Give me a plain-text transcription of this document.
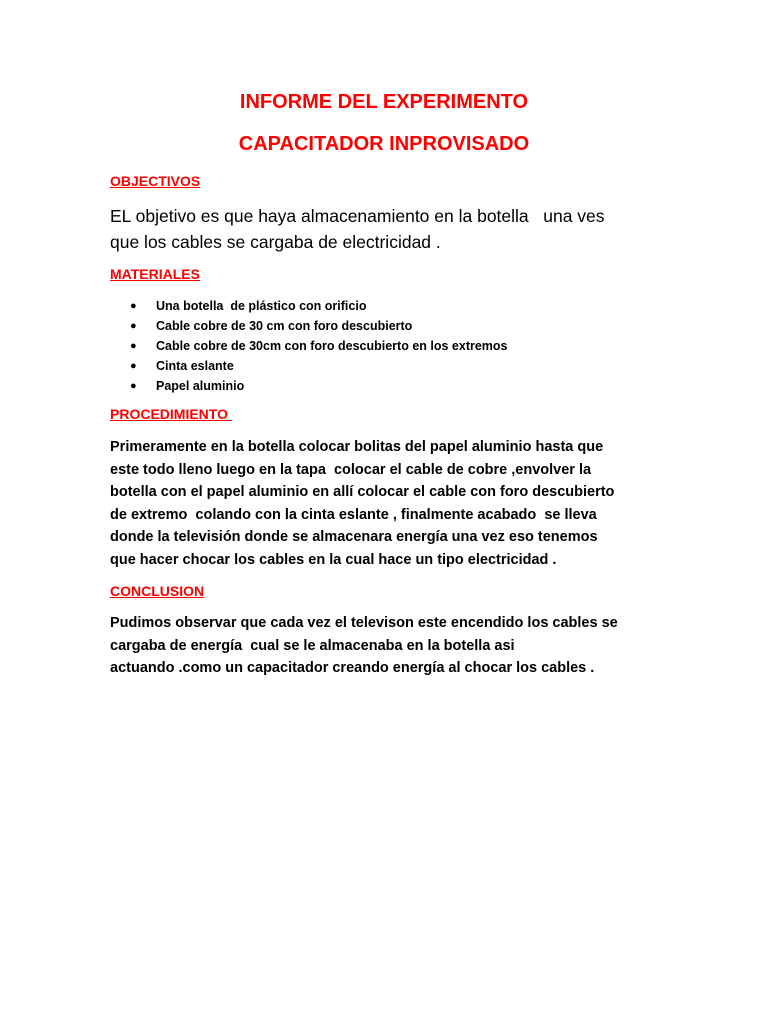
INFORME DEL EXPERIMENTO
CAPACITADOR INPROVISADO
OBJECTIVOS
EL objetivo es que haya almacenamiento en la botella   una ves
que los cables se cargaba de electricidad .
MATERIALES
● Una botella  de plástico con orificio
● Cable cobre de 30 cm con foro descubierto
● Cable cobre de 30cm con foro descubierto en los extremos
● Cinta eslante
● Papel aluminio
PROCEDIMIENTO
Primeramente en la botella colocar bolitas del papel aluminio hasta que
este todo lleno luego en la tapa  colocar el cable de cobre ,envolver la
botella con el papel aluminio en allí colocar el cable con foro descubierto
de extremo  colando con la cinta eslante , finalmente acabado  se lleva
donde la televisión donde se almacenara energía una vez eso tenemos
que hacer chocar los cables en la cual hace un tipo electricidad .
CONCLUSION
Pudimos observar que cada vez el televison este encendido los cables se
cargaba de energía  cual se le almacenaba en la botella asi
actuando .como un capacitador creando energía al chocar los cables .
